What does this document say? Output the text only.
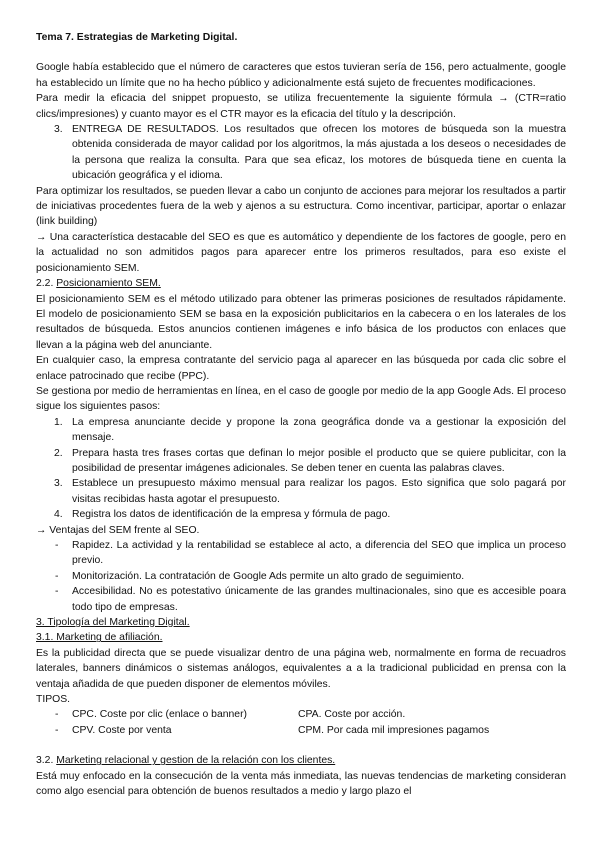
Tema 7. Estrategias de Marketing Digital.

Google había establecido que el número de caracteres que estos tuvieran sería de 156, pero actualmente, google ha establecido un límite que no ha hecho público y adicionalmente está sujeto de frecuentes modificaciones.

Para medir la eficacia del snippet propuesto, se utiliza frecuentemente la siguiente fórmula → (CTR=ratio clics/impresiones) y cuanto mayor es el CTR mayor es la eficacia del título y la descripción.

3. ENTREGA DE RESULTADOS. Los resultados que ofrecen los motores de búsqueda son la muestra obtenida considerada de mayor calidad por los algoritmos, la más ajustada a los deseos o necesidades de la persona que realiza la consulta. Para que sea eficaz, los motores de búsqueda tiene en cuenta la ubicación geográfica y el idioma.

Para optimizar los resultados, se pueden llevar a cabo un conjunto de acciones para mejorar los resultados a partir de iniciativas procedentes fuera de la web y ajenos a su estructura. Como incentivar, participar, aportar o enlazar (link building)

→ Una característica destacable del SEO es que es automático y dependiente de los factores de google, pero en la actualidad no son admitidos pagos para aparecer entre los primeros resultados, para eso existe el posicionamiento SEM.

2.2. Posicionamiento SEM.

El posicionamiento SEM es el método utilizado para obtener las primeras posiciones de resultados rápidamente. El modelo de posicionamiento SEM se basa en la exposición publicitarios en la cabecera o en los laterales de los resultados de búsqueda. Estos anuncios contienen imágenes e info básica de los productos con enlaces que llevan a la página web del anunciante.

En cualquier caso, la empresa contratante del servicio paga al aparecer en las búsqueda por cada clic sobre el enlace patrocinado que recibe (PPC).

Se gestiona por medio de herramientas en línea, en el caso de google por medio de la app Google Ads. El proceso sigue los siguientes pasos:

1. La empresa anunciante decide y propone la zona geográfica donde va a gestionar la exposición del mensaje.
2. Prepara hasta tres frases cortas que definan lo mejor posible el producto que se quiere publicitar, con la posibilidad de presentar imágenes adicionales. Se deben tener en cuenta las palabras claves.
3. Establece un presupuesto máximo mensual para realizar los pagos. Esto significa que solo pagará por visitas recibidas hasta agotar el presupuesto.
4. Registra los datos de identificación de la empresa y fórmula de pago.

→ Ventajas del SEM frente al SEO.

- Rapidez. La actividad y la rentabilidad se establece al acto, a diferencia del SEO que implica un proceso previo.
- Monitorización. La contratación de Google Ads permite un alto grado de seguimiento.
- Accesibilidad. No es potestativo únicamente de las grandes multinacionales, sino que es accesible poara todo tipo de empresas.
3. Tipología del Marketing Digital.
3.1. Marketing de afiliación.

Es la publicidad directa que se puede visualizar dentro de una página web, normalmente en forma de recuadros laterales, banners dinámicos o sistemas análogos, equivalentes a a la tradicional publicidad en prensa con la ventaja añadida de que pueden disponer de elementos móviles.

TIPOS.

- CPC. Coste por clic (enlace o banner)	CPA. Coste por acción.
- CPV. Coste por venta	CPM. Por cada mil impresiones pagamos
3.2. Marketing relacional y gestion de la relación con los clientes.

Está muy enfocado en la consecución de la venta más inmediata, las nuevas tendencias de marketing consideran como algo esencial para obtención de buenos resultados a medio y largo plazo el
